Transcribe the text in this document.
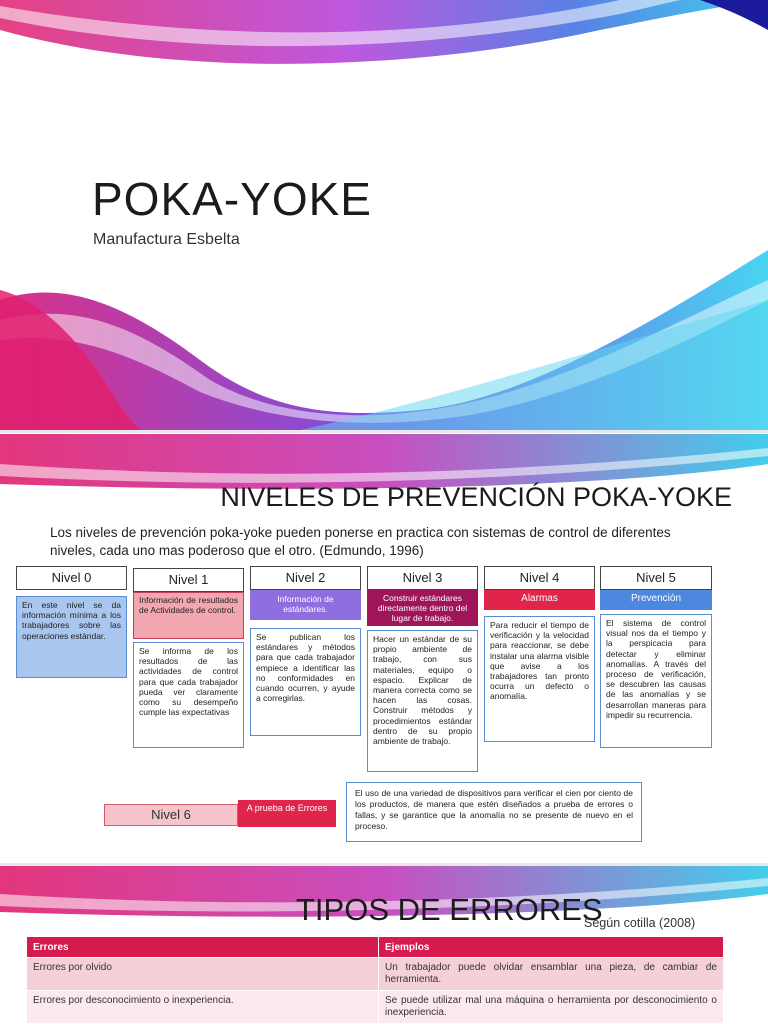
POKA-YOKE
Manufactura Esbelta
NIVELES DE PREVENCIÓN POKA-YOKE
Los niveles de prevención poka-yoke pueden ponerse en practica con sistemas de control de diferentes niveles, cada uno mas poderoso que el otro. (Edmundo, 1996)
Nivel 0
En este nivel se da información mínima a los trabajadores sobre las operaciones estándar.
Nivel 1
Información de resultados de Actividades de control.
Se informa de los resultados de las actividades de control para que cada trabajador pueda ver claramente como su desempeño cumple las expectativas
Nivel 2
Información de estándares.
Se publican los estándares y métodos para que cada trabajador empiece a identificar las no conformidades en cuando ocurren, y ayude a corregirlas.
Nivel 3
Construir estándares directamente dentro del lugar de trabajo.
Hacer un estándar de su propio ambiente de trabajo, con sus materiales, equipo o espacio. Explicar de manera correcta como se hacen las cosas. Construir métodos y procedimientos estándar dentro de su propio ambiente de trabajo.
Nivel 4
Alarmas
Para reducir el tiempo de verificación y la velocidad para reaccionar, se debe instalar una alarma visible que avise a los trabajadores tan pronto ocurra un defecto o anomalía.
Nivel 5
Prevención
El sistema de control visual nos da el tiempo y la perspicacia para detectar y eliminar anomalías. A través del proceso de verificación, se descubren las causas de las anomalías y se desarrollan maneras para impedir su recurrencia.
Nivel 6	A prueba de Errores
El uso de una variedad de dispositivos para verificar el cien por ciento de los productos, de manera que estén diseñados a prueba de errores o fallas, y se garantice que la anomalía no se presente de nuevo en el proceso.
TIPOS DE ERRORES
Según cotilla (2008)
Errores	Ejemplos
Errores por olvido	Un trabajador puede olvidar ensamblar una pieza, de cambiar de herramienta.
Errores por desconocimiento o inexperiencia.	Se puede utilizar mal una máquina o herramienta por desconocimiento o inexperiencia.
